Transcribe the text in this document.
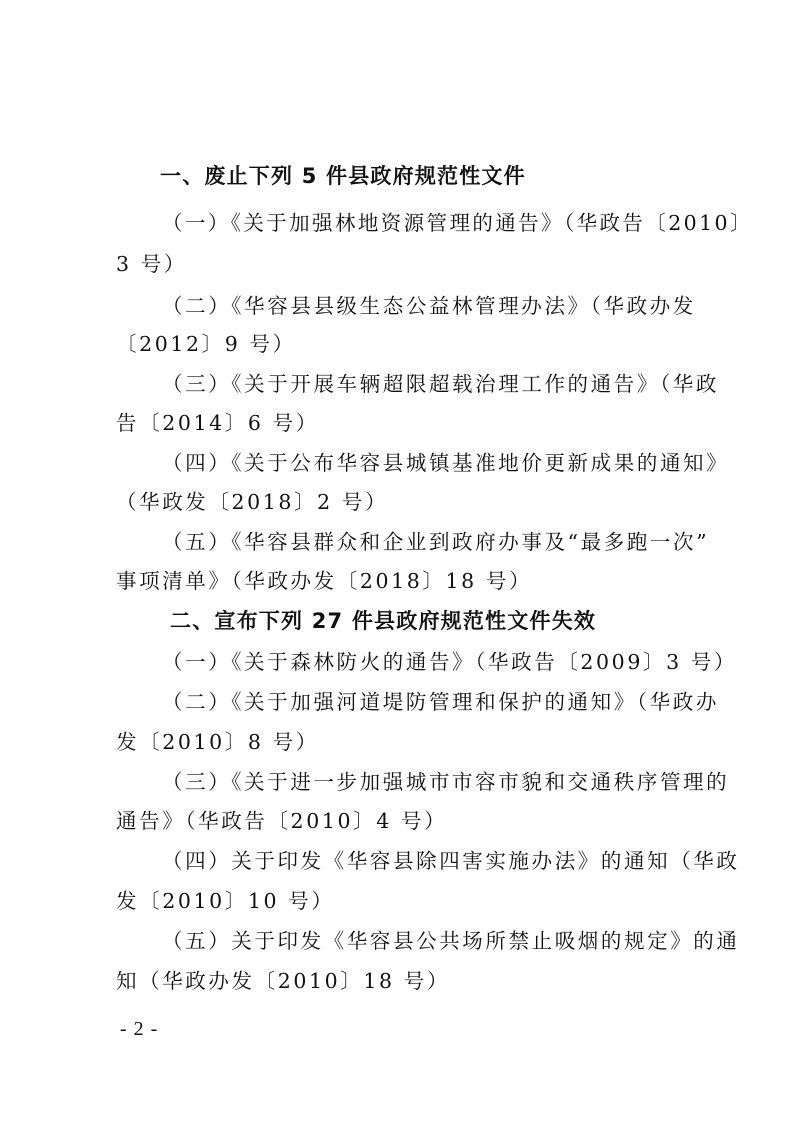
一、废止下列 5 件县政府规范性文件
（一）《关于加强林地资源管理的通告》（华政告〔2010〕
3 号）
（二）《华容县县级生态公益林管理办法》（华政办发
〔2012〕9 号）
（三）《关于开展车辆超限超载治理工作的通告》（华政
告〔2014〕6 号）
（四）《关于公布华容县城镇基准地价更新成果的通知》
（华政发〔2018〕2 号）
（五）《华容县群众和企业到政府办事及“最多跑一次”
事项清单》（华政办发〔2018〕18 号）
二、宣布下列 27 件县政府规范性文件失效
（一）《关于森林防火的通告》（华政告〔2009〕3 号）
（二）《关于加强河道堤防管理和保护的通知》（华政办
发〔2010〕8 号）
（三）《关于进一步加强城市市容市貌和交通秩序管理的
通告》（华政告〔2010〕4 号）
（四）关于印发《华容县除四害实施办法》的通知（华政
发〔2010〕10 号）
（五）关于印发《华容县公共场所禁止吸烟的规定》的通
知（华政办发〔2010〕18 号）
- 2 -
